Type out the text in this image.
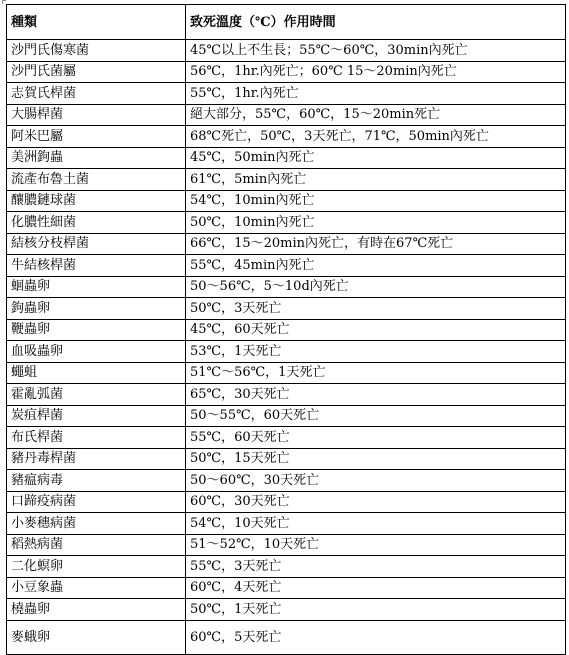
種類	致死溫度（℃）作用時間
沙門氏傷寒菌	45℃以上不生長；55℃～60℃，30min內死亡
沙門氏菌屬	56℃，1hr.內死亡；60℃ 15～20min內死亡
志賀氏桿菌	55℃，1hr.內死亡
大腸桿菌	絕大部分，55℃，60℃，15～20min死亡
阿米巴屬	68℃死亡，50℃，3天死亡，71℃，50min內死亡
美洲鉤蟲	45℃，50min內死亡
流產布魯土菌	61℃，5min內死亡
釀膿鏈球菌	54℃，10min內死亡
化膿性細菌	50℃，10min內死亡
結核分枝桿菌	66℃，15～20min內死亡，有時在67℃死亡
牛結核桿菌	55℃，45min內死亡
蛔蟲卵	50～56℃，5～10d內死亡
鉤蟲卵	50℃，3天死亡
鞭蟲卵	45℃，60天死亡
血吸蟲卵	53℃，1天死亡
蠅蛆	51℃～56℃，1天死亡
霍亂弧菌	65℃，30天死亡
炭疽桿菌	50～55℃，60天死亡
布氏桿菌	55℃，60天死亡
豬丹毒桿菌	50℃，15天死亡
豬瘟病毒	50～60℃，30天死亡
口蹄疫病菌	60℃，30天死亡
小麥穗病菌	54℃，10天死亡
稻熱病菌	51～52℃，10天死亡
二化螟卵	55℃，3天死亡
小豆象蟲	60℃，4天死亡
橈蟲卵	50℃，1天死亡
麥蛾卵	60℃，5天死亡
